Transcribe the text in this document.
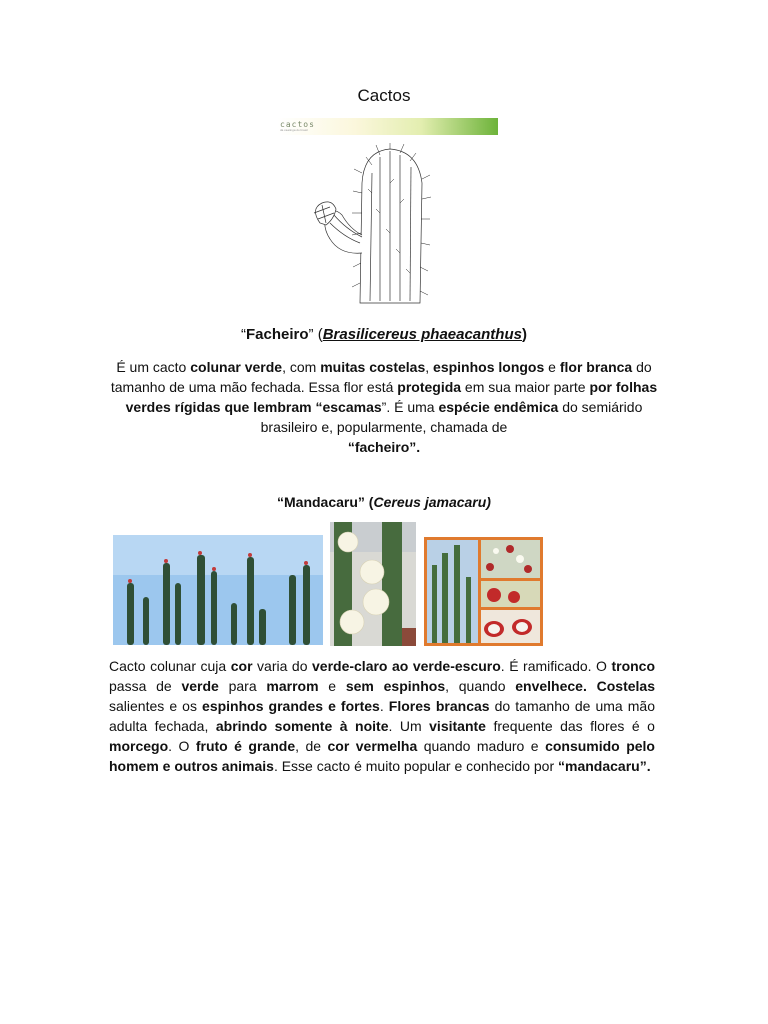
Cactos
cactos
da caatinga do brasil
“Facheiro” (Brasilicereus phaeacanthus)
É um cacto colunar verde, com muitas costelas, espinhos longos e flor branca do tamanho de uma mão fechada. Essa flor está protegida em sua maior parte por folhas verdes rígidas que lembram “escamas”. É uma espécie endêmica do semiárido brasileiro e, popularmente, chamada de
“facheiro”.
“Mandacaru” (Cereus jamacaru)
Cacto colunar cuja cor varia do verde-claro ao verde-escuro. É ramificado. O tronco passa de verde para marrom e sem espinhos, quando envelhece. Costelas salientes e os espinhos grandes e fortes. Flores brancas do tamanho de uma mão adulta fechada, abrindo somente à noite. Um visitante frequente das flores é o morcego. O fruto é grande, de cor vermelha quando maduro e consumido pelo homem e outros animais. Esse cacto é muito popular e conhecido por “mandacaru”.
